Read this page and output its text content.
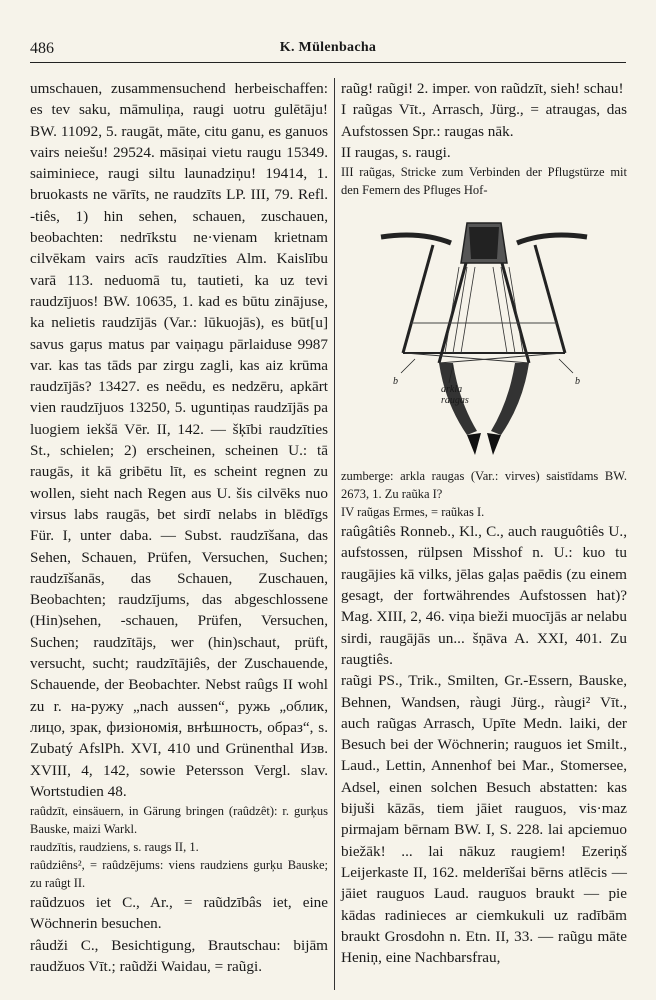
486	K. Mülenbacha

umschauen, zusammensuchend herbeischaffen: es tev saku, māmuliņa, raugi uotru gulētāju! BW. 11092, 5. raugāt, māte, citu ganu, es ganuos vairs neiešu! 29524. māsiņai vietu raugu 15349. saiminiece, raugi siltu launadziņu! 19414, 1. bruokasts ne vārīts, ne raudzīts LP. III, 79. Refl. -tiês, 1) hin sehen, schauen, zuschauen, beobachten: nedrīkstu ne·vienam krietnam cilvēkam vairs acīs raudzīties Alm. Kaislību varā 113. neduomā tu, tautieti, ka uz tevi raudzījuos! BW. 10635, 1. kad es būtu zinājuse, ka nelietis raudzījās (Var.: lūkuojās), es būt[u] savus gaŗus matus par vaiņagu pārlaiduse 9987 var. kas tas tāds par zirgu zagli, kas aiz krūma raudzījās? 13427. es neēdu, es nedzēru, apkārt vien raudzījuos 13250, 5. uguntiņas raudzījās pa luogiem iekšā Vēr. II, 142. — šķībi raudzīties St., schielen; 2) erscheinen, scheinen U.: tā raugās, it kā gribētu līt, es scheint regnen zu wollen, sieht nach Regen aus U. šis cilvēks nuo virsus labs raugās, bet sirdī nelabs in blēdīgs Für. I, unter daba. — Subst. raudzīšana, das Sehen, Schauen, Prüfen, Versuchen, Suchen; raudzīšanās, das Schauen, Zuschauen, Beobachten; raudzījums, das abgeschlossene (Hin)sehen, -schauen, Prüfen, Versuchen, Suchen; raudzītājs, wer (hin)schaut, prüft, versucht, sucht; raudzītājiês, der Zuschauende, Schauende, der Beobachter. Nebst raûgs II wohl zu r. на-ружу „nach aussen“, ружь „облик, лицо, зрак, физіономія, внѣшность, образ“, s. Zubatý AfslPh. XVI, 410 und Grünenthal Изв. XVIII, 4, 142, sowie Petersson Vergl. slav. Wortstudien 48.

raûdzīt, einsäuern, in Gärung bringen (raûdzêt): r. gurķus Bauske, maizi Warkl.

raudzītis, raudziens, s. raugs II, 1.

raûdziêns², = raûdzējums: viens raudziens gurķu Bauske; zu raûgt II.

raũdzuos iet C., Ar., = raũdzībâs iet, eine Wöchnerin besuchen.

râudži C., Besichtigung, Brautschau: bijām raudžuos Vīt.; raũdži Waidau, = raũgi.

raũg! raũgi! 2. imper. von raũdzīt, sieh! schau!

I raũgas Vīt., Arrasch, Jürg., = atraugas, das Aufstossen Spr.: raugas nāk.

II raugas, s. raugi.

III raũgas, Stricke zum Verbinden der Pflugstürze mit den Femern des Pfluges Hof-

arkla
raugas
b	b

zumberge: arkla raugas (Var.: virves) saistīdams BW. 2673, 1. Zu raũka I?

IV raũgas Ermes, = raũkas I.

raûgâtiês Ronneb., Kl., C., auch rauguôtiês U., aufstossen, rülpsen Misshof n. U.: kuo tu raugājies kā vilks, jēlas gaļas paēdis (zu einem gesagt, der fortwährendes Aufstossen hat)? Mag. XIII, 2, 46. viņa bieži muocījās ar nelabu sirdi, raugājās un... šņāva A. XXI, 401. Zu raugtiês.

raũgi PS., Trik., Smilten, Gr.-Essern, Bauske, Behnen, Wandsen, ràugi Jürg., ràugi² Vīt., auch raũgas Arrasch, Upīte Medn. laiki, der Besuch bei der Wöchnerin; rauguos iet Smilt., Laud., Lettin, Annenhof bei Mar., Stomersee, Adsel, einen solchen Besuch abstatten: kas bijuši kāzās, tiem jāiet rauguos, vis·maz pirmajam bērnam BW. I, S. 228. lai apciemuo biežāk! ... lai nākuz raugiem! Ezeriņš Leijerkaste II, 162. melderīšai bērns atlēcis — jāiet rauguos Laud. rauguos braukt — pie kādas radinieces ar ciemkukuli uz radībām braukt Grosdohn n. Etn. II, 33. — raũgu māte Heniņ, eine Nachbarsfrau,
